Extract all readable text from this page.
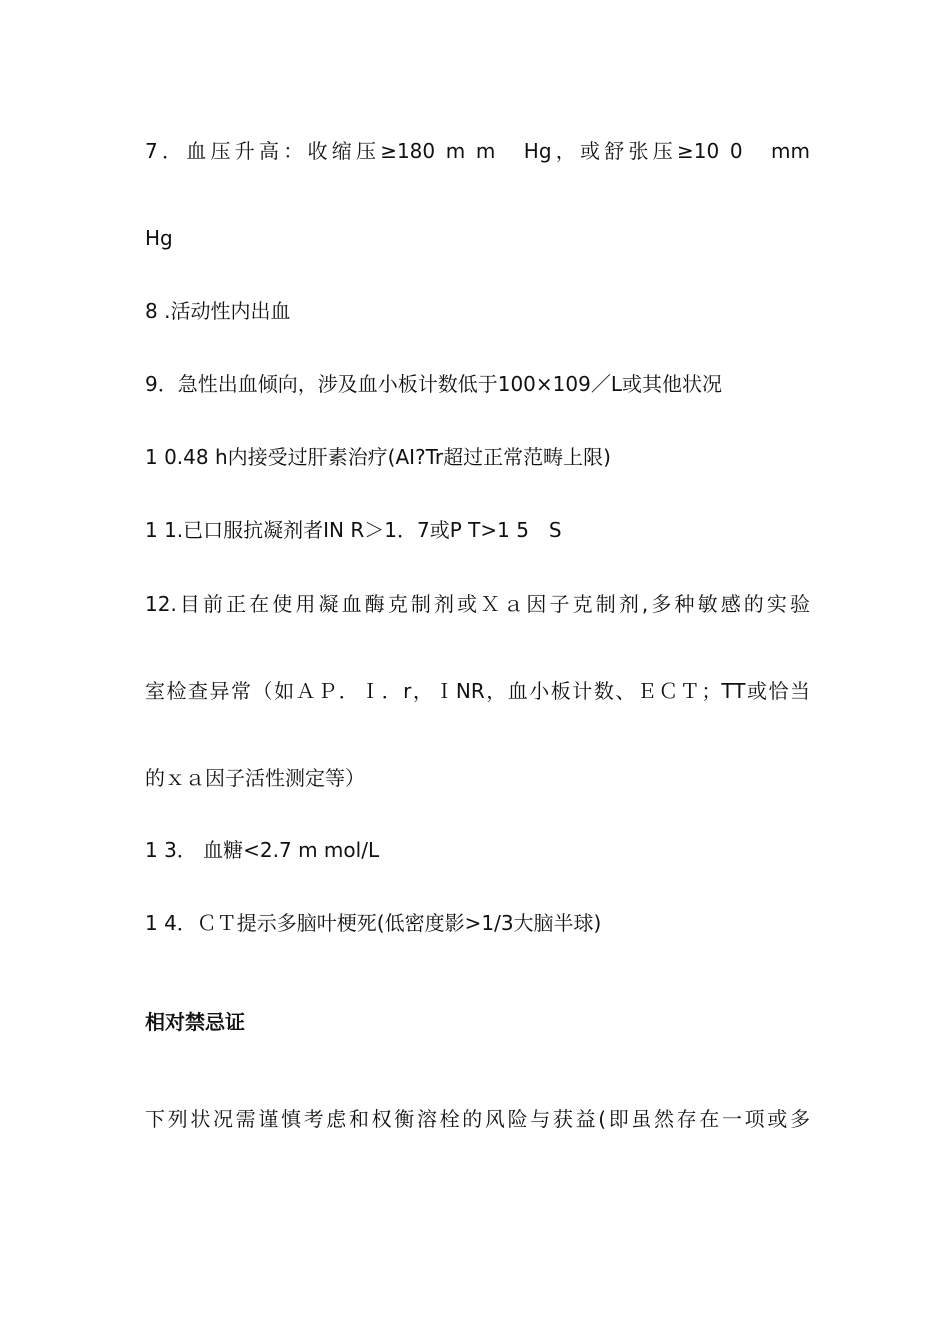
7．血压升高：收缩压≥180 m m　Hg，或舒张压≥10 0　mm
Hg
8 .活动性内出血
9．急性出血倾向，涉及血小板计数低于100×109／L或其他状况
1 0.48 h内接受过肝素治疗(AI?Tr超过正常范畴上限)
1 1.已口服抗凝剂者IN R＞1．7或P T>1 5　S
12.目前正在使用凝血酶克制剂或Ｘａ因子克制剂,多种敏感的实验
室检查异常（如ＡＰ．Ｉ．r，ＩNR，血小板计数、ＥＣＴ；TT或恰当
的ｘａ因子活性测定等）
1 3． 血糖<2.7 m mol/L
1 4．ＣＴ提示多脑叶梗死(低密度影>1/3大脑半球)
相对禁忌证
下列状况需谨慎考虑和权衡溶栓的风险与获益(即虽然存在一项或多
